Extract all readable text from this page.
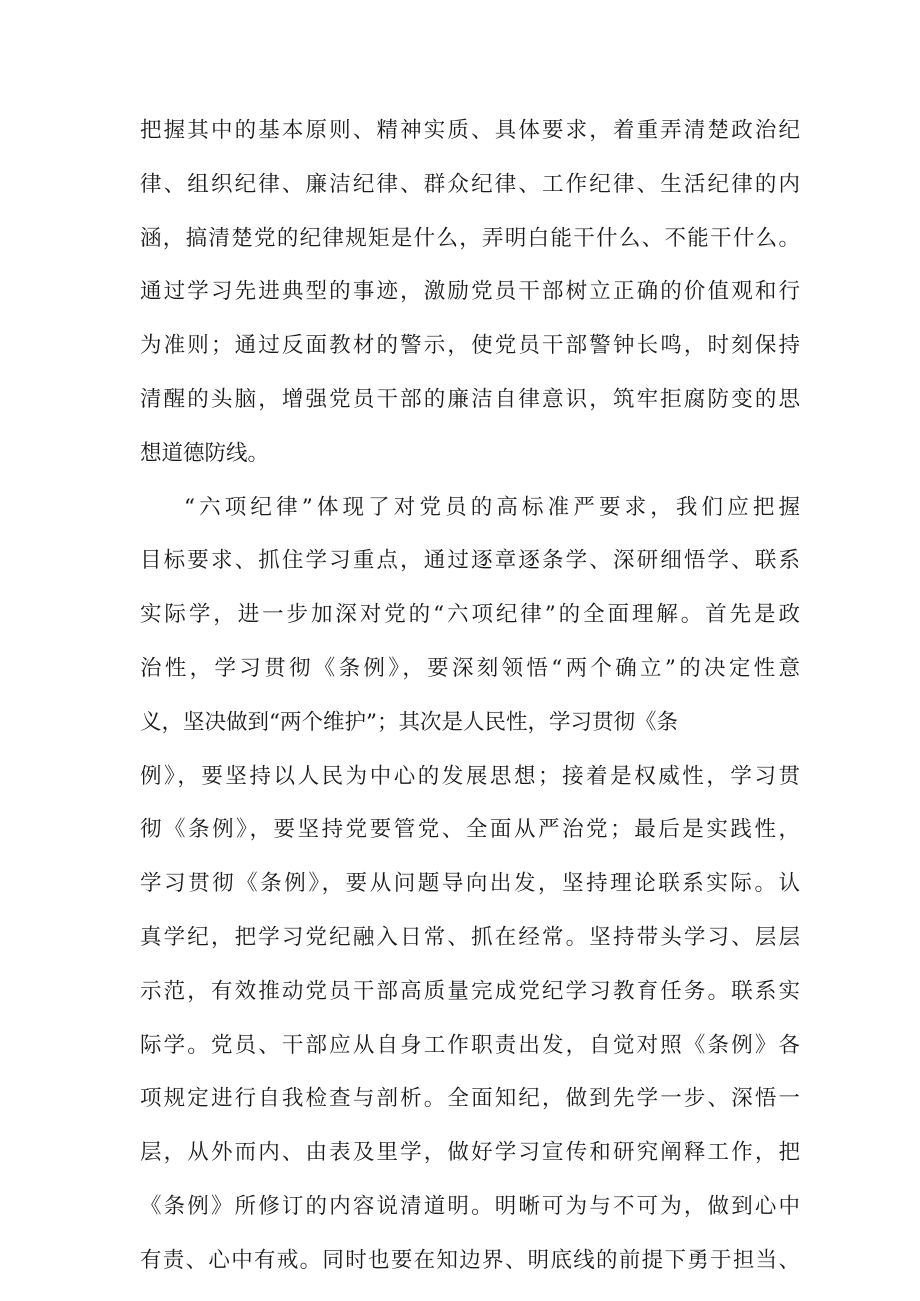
把握其中的基本原则、精神实质、具体要求，着重弄清楚政治纪
律、组织纪律、廉洁纪律、群众纪律、工作纪律、生活纪律的内
涵，搞清楚党的纪律规矩是什么，弄明白能干什么、不能干什么。
通过学习先进典型的事迹，激励党员干部树立正确的价值观和行
为准则；通过反面教材的警示，使党员干部警钟长鸣，时刻保持
清醒的头脑，增强党员干部的廉洁自律意识，筑牢拒腐防变的思
想道德防线。
“六项纪律”体现了对党员的高标准严要求，我们应把握
目标要求、抓住学习重点，通过逐章逐条学、深研细悟学、联系
实际学，进一步加深对党的“六项纪律”的全面理解。首先是政
治性，学习贯彻《条例》，要深刻领悟“两个确立”的决定性意
义，坚决做到“两个维护”；其次是人民性，学习贯彻《条
例》，要坚持以人民为中心的发展思想；接着是权威性，学习贯
彻《条例》，要坚持党要管党、全面从严治党；最后是实践性，
学习贯彻《条例》，要从问题导向出发，坚持理论联系实际。认
真学纪，把学习党纪融入日常、抓在经常。坚持带头学习、层层
示范，有效推动党员干部高质量完成党纪学习教育任务。联系实
际学。党员、干部应从自身工作职责出发，自觉对照《条例》各
项规定进行自我检查与剖析。全面知纪，做到先学一步、深悟一
层，从外而内、由表及里学，做好学习宣传和研究阐释工作，把
《条例》所修订的内容说清道明。明晰可为与不可为，做到心中
有责、心中有戒。同时也要在知边界、明底线的前提下勇于担当、
